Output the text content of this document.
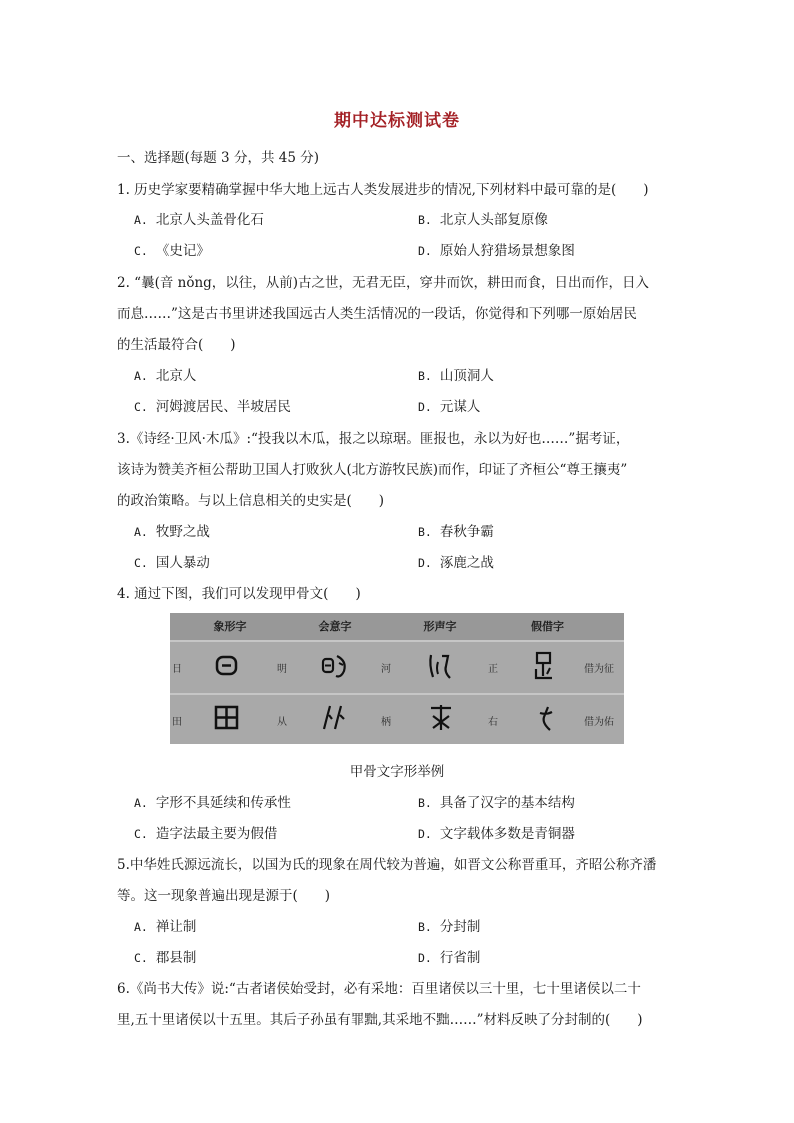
期中达标测试卷
一、选择题(每题 3 分，共 45 分)
1. 历史学家要精确掌握中华大地上远古人类发展进步的情况,下列材料中最可靠的是(　　)
A. 北京人头盖骨化石	B. 北京人头部复原像
C. 《史记》	D. 原始人狩猎场景想象图
2. “曩(音 nǒng，以往，从前)古之世，无君无臣，穿井而饮，耕田而食，日出而作，日入
而息……”这是古书里讲述我国远古人类生活情况的一段话，你觉得和下列哪一原始居民
的生活最符合(　　)
A. 北京人	B. 山顶洞人
C. 河姆渡居民、半坡居民	D. 元谋人
3.《诗经·卫风·木瓜》:“投我以木瓜，报之以琼琚。匪报也，永以为好也……”据考证，
该诗为赞美齐桓公帮助卫国人打败狄人(北方游牧民族)而作，印证了齐桓公“尊王攘夷”
的政治策略。与以上信息相关的史实是(　　)
A. 牧野之战	B. 春秋争霸
C. 国人暴动	D. 涿鹿之战
4. 通过下图，我们可以发现甲骨文(　　)
象形字	会意字	形声字	假借字
日	明	河	正	借为征
田	从	柄	右	借为佑
甲骨文字形举例
A. 字形不具延续和传承性	B. 具备了汉字的基本结构
C. 造字法最主要为假借	D. 文字载体多数是青铜器
5.中华姓氏源远流长，以国为氏的现象在周代较为普遍，如晋文公称晋重耳，齐昭公称齐潘
等。这一现象普遍出现是源于(　　)
A. 禅让制	B. 分封制
C. 郡县制	D. 行省制
6.《尚书大传》说:“古者诸侯始受封，必有采地：百里诸侯以三十里，七十里诸侯以二十
里,五十里诸侯以十五里。其后子孙虽有罪黜,其采地不黜……”材料反映了分封制的(　　)
